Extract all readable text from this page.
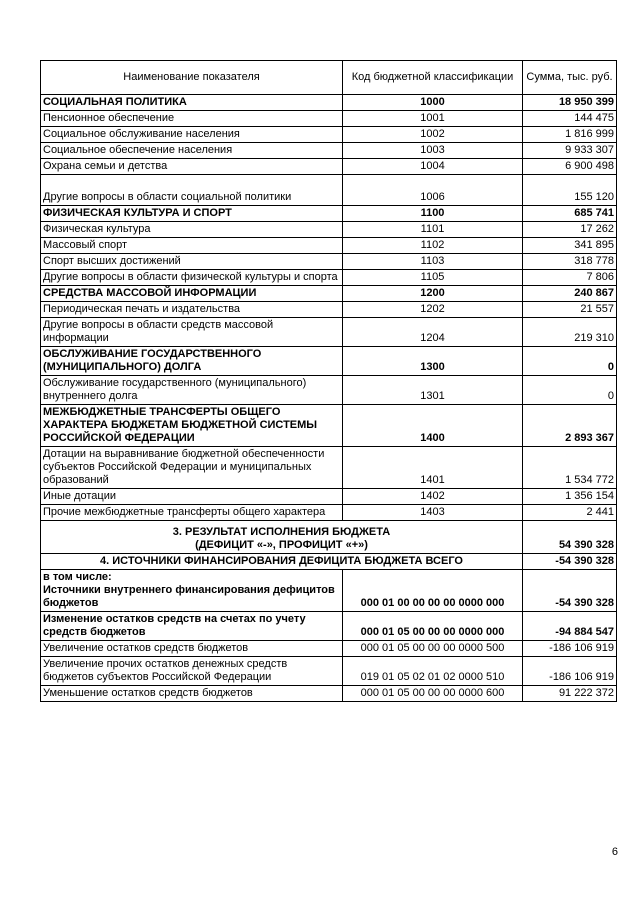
Наименование показателя	Код бюджетной классификации	Сумма, тыс. руб.

СОЦИАЛЬНАЯ ПОЛИТИКА	1000	18 950 399

Пенсионное обеспечение	1001	144 475

Социальное обслуживание населения	1002	1 816 999

Социальное обеспечение населения	1003	9 933 307

Охрана семьи и детства	1004	6 900 498

Другие вопросы в области социальной политики	1006	155 120

ФИЗИЧЕСКАЯ КУЛЬТУРА И СПОРТ	1100	685 741

Физическая культура	1101	17 262

Массовый спорт	1102	341 895

Спорт высших достижений	1103	318 778

Другие вопросы в области физической культуры и спорта	1105	7 806

СРЕДСТВА МАССОВОЙ ИНФОРМАЦИИ	1200	240 867

Периодическая печать и издательства	1202	21 557

Другие вопросы в области средств массовой информации	1204	219 310

ОБСЛУЖИВАНИЕ ГОСУДАРСТВЕННОГО (МУНИЦИПАЛЬНОГО) ДОЛГА	1300	0

Обслуживание государственного (муниципального) внутреннего долга	1301	0

МЕЖБЮДЖЕТНЫЕ ТРАНСФЕРТЫ ОБЩЕГО ХАРАКТЕРА БЮДЖЕТАМ БЮДЖЕТНОЙ СИСТЕМЫ РОССИЙСКОЙ ФЕДЕРАЦИИ	1400	2 893 367

Дотации на выравнивание бюджетной обеспеченности субъектов Российской Федерации и муниципальных образований	1401	1 534 772

Иные дотации	1402	1 356 154

Прочие межбюджетные трансферты общего характера	1403	2 441

3. РЕЗУЛЬТАТ ИСПОЛНЕНИЯ БЮДЖЕТА
(ДЕФИЦИТ «-», ПРОФИЦИТ «+»)		54 390 328
4. ИСТОЧНИКИ ФИНАНСИРОВАНИЯ ДЕФИЦИТА БЮДЖЕТА ВСЕГО		-54 390 328

в том числе:
Источники внутреннего финансирования дефицитов бюджетов	000 01 00 00 00 00 0000 000	-54 390 328

Изменение остатков средств на счетах по учету средств бюджетов	000 01 05 00 00 00 0000 000	-94 884 547

Увеличение остатков средств бюджетов	000 01 05 00 00 00 0000 500	-186 106 919

Увеличение прочих остатков денежных средств бюджетов субъектов Российской Федерации	019 01 05 02 01 02 0000 510	-186 106 919

Уменьшение остатков средств бюджетов	000 01 05 00 00 00 0000 600	91 222 372
6
